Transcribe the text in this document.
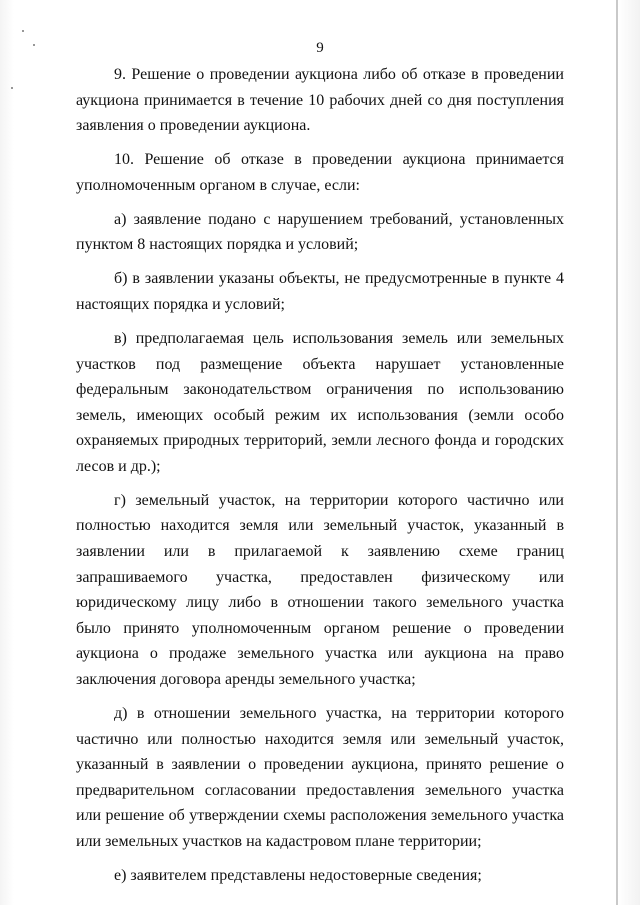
9

9. Решение о проведении аукциона либо об отказе в проведении аукциона принимается в течение 10 рабочих дней со дня поступления заявления о проведении аукциона.

10. Решение об отказе в проведении аукциона принимается уполномоченным органом в случае, если:

а) заявление подано с нарушением требований, установленных пунктом 8 настоящих порядка и условий;

б) в заявлении указаны объекты, не предусмотренные в пункте 4 настоящих порядка и условий;

в) предполагаемая цель использования земель или земельных участков под размещение объекта нарушает установленные федеральным законодательством ограничения по использованию земель, имеющих особый режим их использования (земли особо охраняемых природных территорий, земли лесного фонда и городских лесов и др.);

г) земельный участок, на территории которого частично или полностью находится земля или земельный участок, указанный в заявлении или в прилагаемой к заявлению схеме границ запрашиваемого участка, предоставлен физическому или юридическому лицу либо в отношении такого земельного участка было принято уполномоченным органом решение о проведении аукциона о продаже земельного участка или аукциона на право заключения договора аренды земельного участка;

д) в отношении земельного участка, на территории которого частично или полностью находится земля или земельный участок, указанный в заявлении о проведении аукциона, принято решение о предварительном согласовании предоставления земельного участка или решение об утверждении схемы расположения земельного участка или земельных участков на кадастровом плане территории;

е) заявителем представлены недостоверные сведения;
